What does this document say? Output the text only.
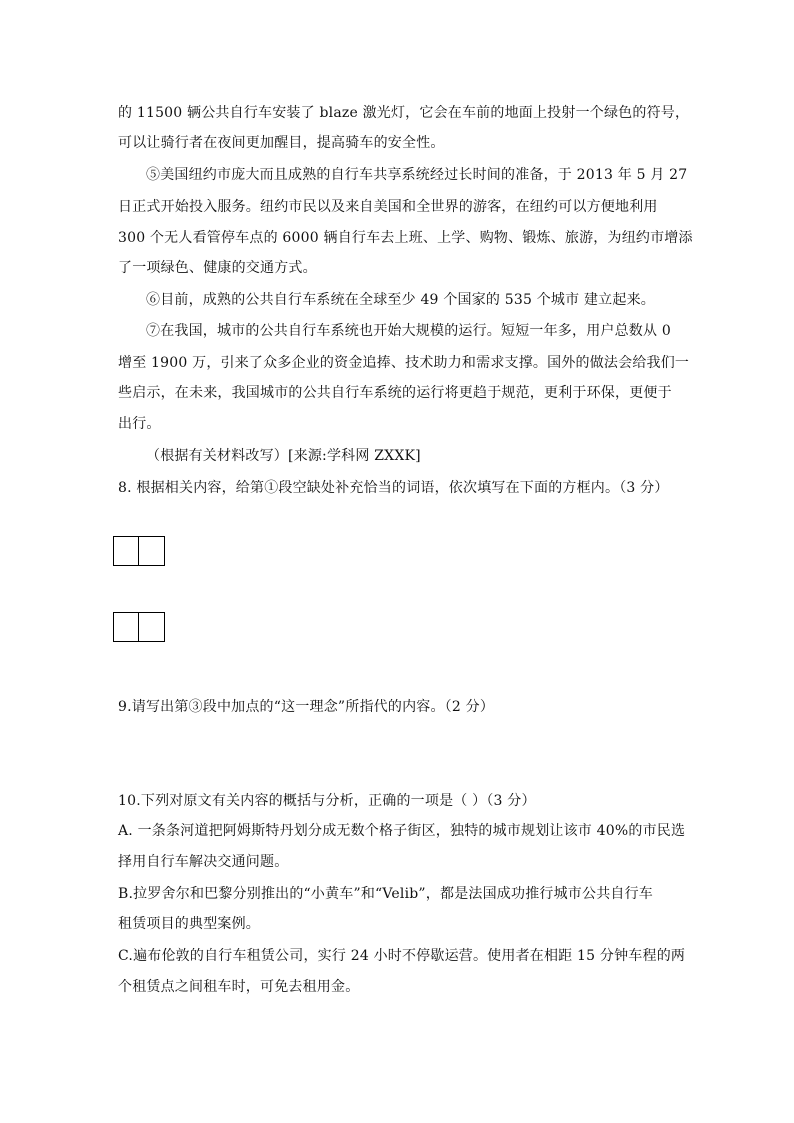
的 11500 辆公共自行车安装了 blaze 激光灯，它会在车前的地面上投射一个绿色的符号，
可以让骑行者在夜间更加醒目，提高骑车的安全性。
⑤美国纽约市庞大而且成熟的自行车共享系统经过长时间的准备，于 2013 年 5 月 27
日正式开始投入服务。纽约市民以及来自美国和全世界的游客，在纽约可以方便地利用
300 个无人看管停车点的 6000 辆自行车去上班、上学、购物、锻炼、旅游，为纽约市增添
了一项绿色、健康的交通方式。
⑥目前，成熟的公共自行车系统在全球至少 49 个国家的 535 个城市 建立起来。
⑦在我国，城市的公共自行车系统也开始大规模的运行。短短一年多，用户总数从 0
增至 1900 万，引来了众多企业的资金追捧、技术助力和需求支撑。国外的做法会给我们一
些启示，在未来，我国城市的公共自行车系统的运行将更趋于规范，更利于环保，更便于
出行。
（根据有关材料改写）[来源:学科网 ZXXK]
8. 根据相关内容，给第①段空缺处补充恰当的词语，依次填写在下面的方框内。（3 分）
9.请写出第③段中加点的“这一理念”所指代的内容。（2 分）
10.下列对原文有关内容的概括与分析，正确的一项是（ ）（3 分）
A. 一条条河道把阿姆斯特丹划分成无数个格子街区，独特的城市规划让该市 40%的市民选
择用自行车解决交通问题。
B.拉罗舍尔和巴黎分别推出的“小黄车”和“Velib”，都是法国成功推行城市公共自行车
租赁项目的典型案例。
C.遍布伦敦的自行车租赁公司，实行 24 小时不停歇运营。使用者在相距 15 分钟车程的两
个租赁点之间租车时，可免去租用金。
